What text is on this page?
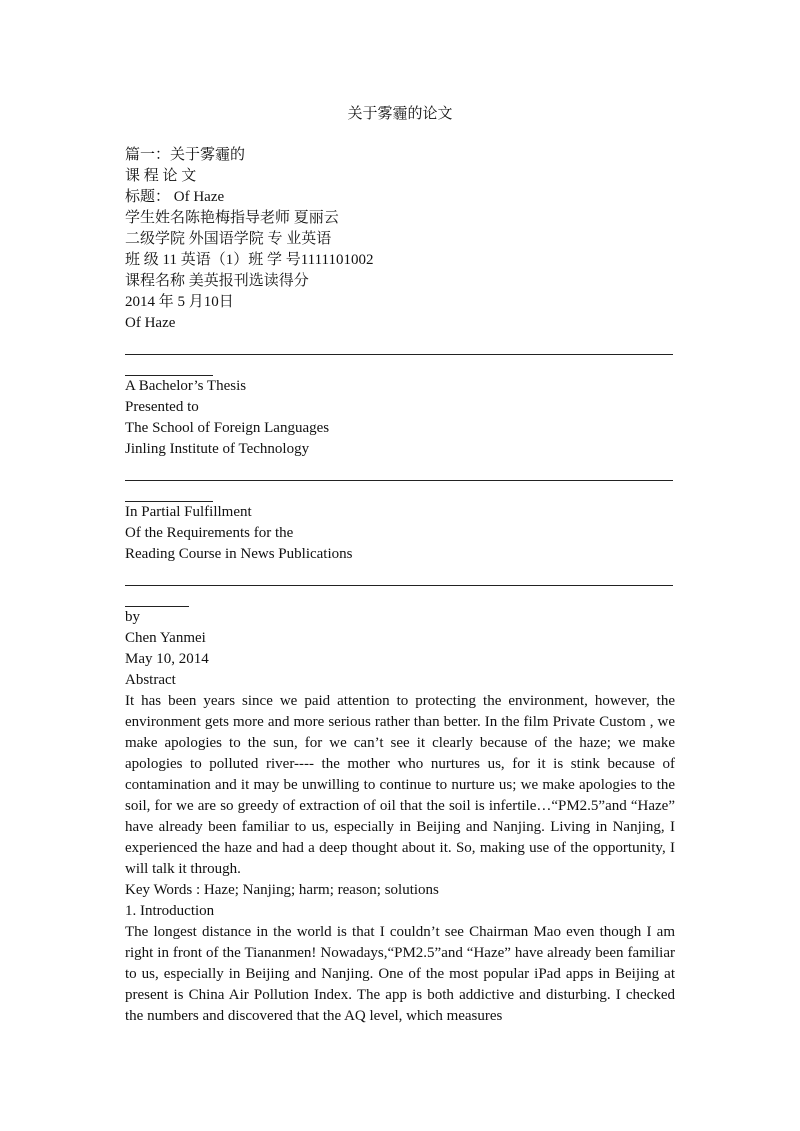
关于雾霾的论文
篇一：关于雾霾的
课 程 论 文
标题： Of Haze
学生姓名陈艳梅指导老师 夏丽云
二级学院 外国语学院 专 业英语
班 级 11 英语（1）班 学 号1111101002
课程名称 美英报刊选读得分
2014 年 5 月10日
Of Haze
A Bachelor’s Thesis
Presented to
The School of Foreign Languages
Jinling Institute of Technology
In Partial Fulfillment
Of the Requirements for the
Reading Course in News Publications
by
Chen Yanmei
May 10, 2014
Abstract
It has been years since we paid attention to protecting the environment, however, the environment gets more and more serious rather than better. In the film Private Custom , we make apologies to the sun, for we can’t see it clearly because of the haze; we make apologies to polluted river---- the mother who nurtures us, for it is stink because of contamination and it may be unwilling to continue to nurture us; we make apologies to the soil, for we are so greedy of extraction of oil that the soil is infertile…“PM2.5”and “Haze” have already been familiar to us, especially in Beijing and Nanjing. Living in Nanjing, I experienced the haze and had a deep thought about it. So, making use of the opportunity, I will talk it through.
Key Words : Haze; Nanjing; harm; reason; solutions
1. Introduction
The longest distance in the world is that I couldn’t see Chairman Mao even though I am right in front of the Tiananmen! Nowadays,“PM2.5”and “Haze” have already been familiar to us, especially in Beijing and Nanjing. One of the most popular iPad apps in Beijing at present is China Air Pollution Index. The app is both addictive and disturbing. I checked the numbers and discovered that the AQ level, which measures
